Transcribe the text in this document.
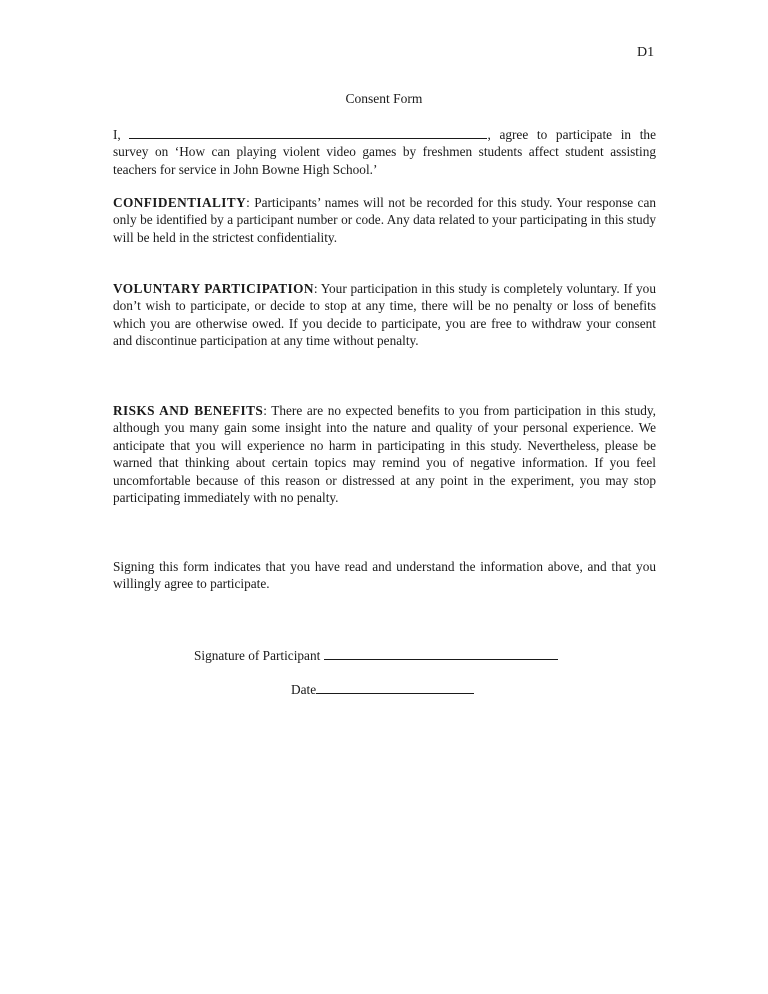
D1
Consent Form
I,	, agree to participate in the survey on ‘How can playing violent video games by freshmen students affect student assisting teachers for service in John Bowne High School.’
CONFIDENTIALITY: Participants’ names will not be recorded for this study. Your response can only be identified by a participant number or code. Any data related to your participating in this study will be held in the strictest confidentiality.
VOLUNTARY PARTICIPATION: Your participation in this study is completely voluntary. If you don’t wish to participate, or decide to stop at any time, there will be no penalty or loss of benefits which you are otherwise owed. If you decide to participate, you are free to withdraw your consent and discontinue participation at any time without penalty.
RISKS AND BENEFITS: There are no expected benefits to you from participation in this study, although you many gain some insight into the nature and quality of your personal experience. We anticipate that you will experience no harm in participating in this study. Nevertheless, please be warned that thinking about certain topics may remind you of negative information. If you feel uncomfortable because of this reason or distressed at any point in the experiment, you may stop participating immediately with no penalty.
Signing this form indicates that you have read and understand the information above, and that you willingly agree to participate.
Signature of Participant
Date
